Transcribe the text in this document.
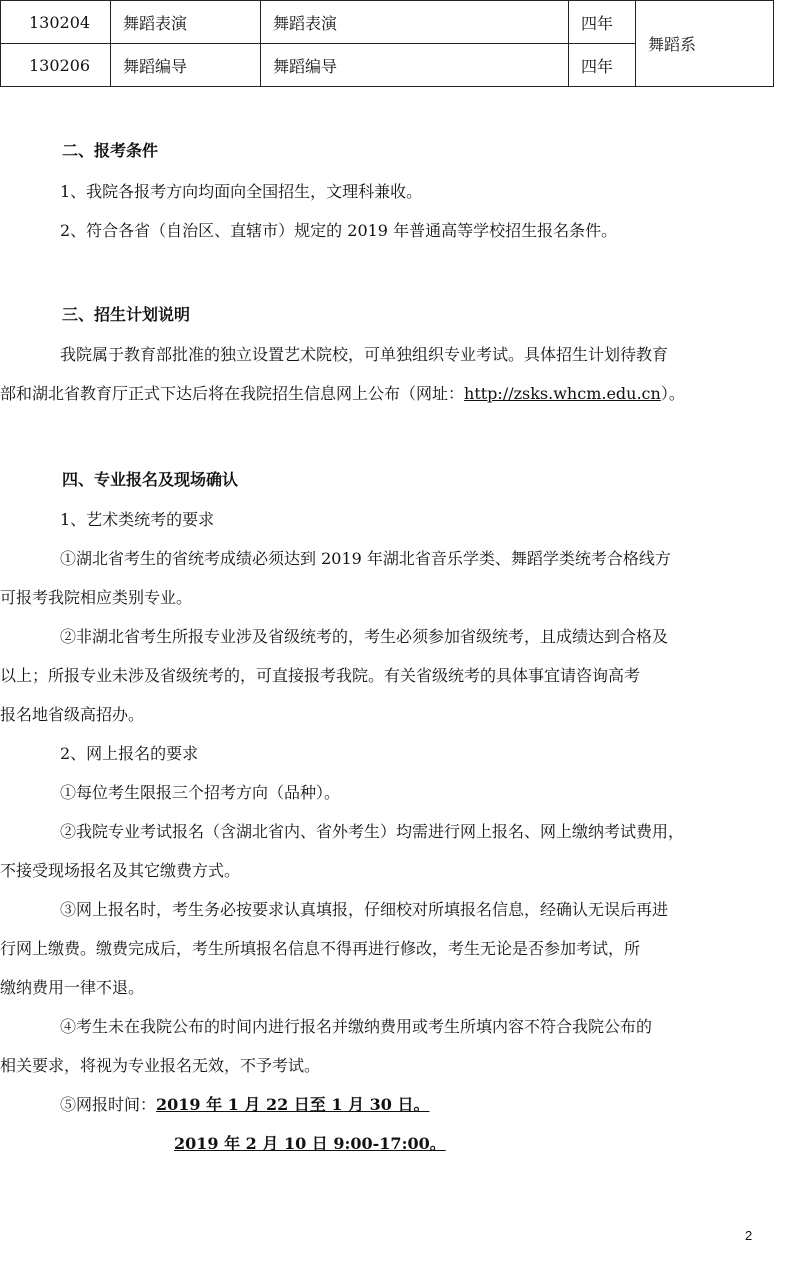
130204	舞蹈表演	舞蹈表演	四年	舞蹈系
130206	舞蹈编导	舞蹈编导	四年	
二、报考条件
1、我院各报考方向均面向全国招生，文理科兼收。
2、符合各省（自治区、直辖市）规定的 2019 年普通高等学校招生报名条件。
三、招生计划说明
我院属于教育部批准的独立设置艺术院校，可单独组织专业考试。具体招生计划待教育
部和湖北省教育厅正式下达后将在我院招生信息网上公布（网址：http://zsks.whcm.edu.cn）。
四、专业报名及现场确认
1、艺术类统考的要求
①湖北省考生的省统考成绩必须达到 2019 年湖北省音乐学类、舞蹈学类统考合格线方
可报考我院相应类别专业。
②非湖北省考生所报专业涉及省级统考的，考生必须参加省级统考，且成绩达到合格及
以上；所报专业未涉及省级统考的，可直接报考我院。有关省级统考的具体事宜请咨询高考
报名地省级高招办。
2、网上报名的要求
①每位考生限报三个招考方向（品种）。
②我院专业考试报名（含湖北省内、省外考生）均需进行网上报名、网上缴纳考试费用，
不接受现场报名及其它缴费方式。
③网上报名时，考生务必按要求认真填报，仔细校对所填报名信息，经确认无误后再进
行网上缴费。缴费完成后，考生所填报名信息不得再进行修改，考生无论是否参加考试，所
缴纳费用一律不退。
④考生未在我院公布的时间内进行报名并缴纳费用或考生所填内容不符合我院公布的
相关要求，将视为专业报名无效，不予考试。
⑤网报时间：2019 年 1 月 22 日至 1 月 30 日。
2019 年 2 月 10 日 9:00-17:00。
2
